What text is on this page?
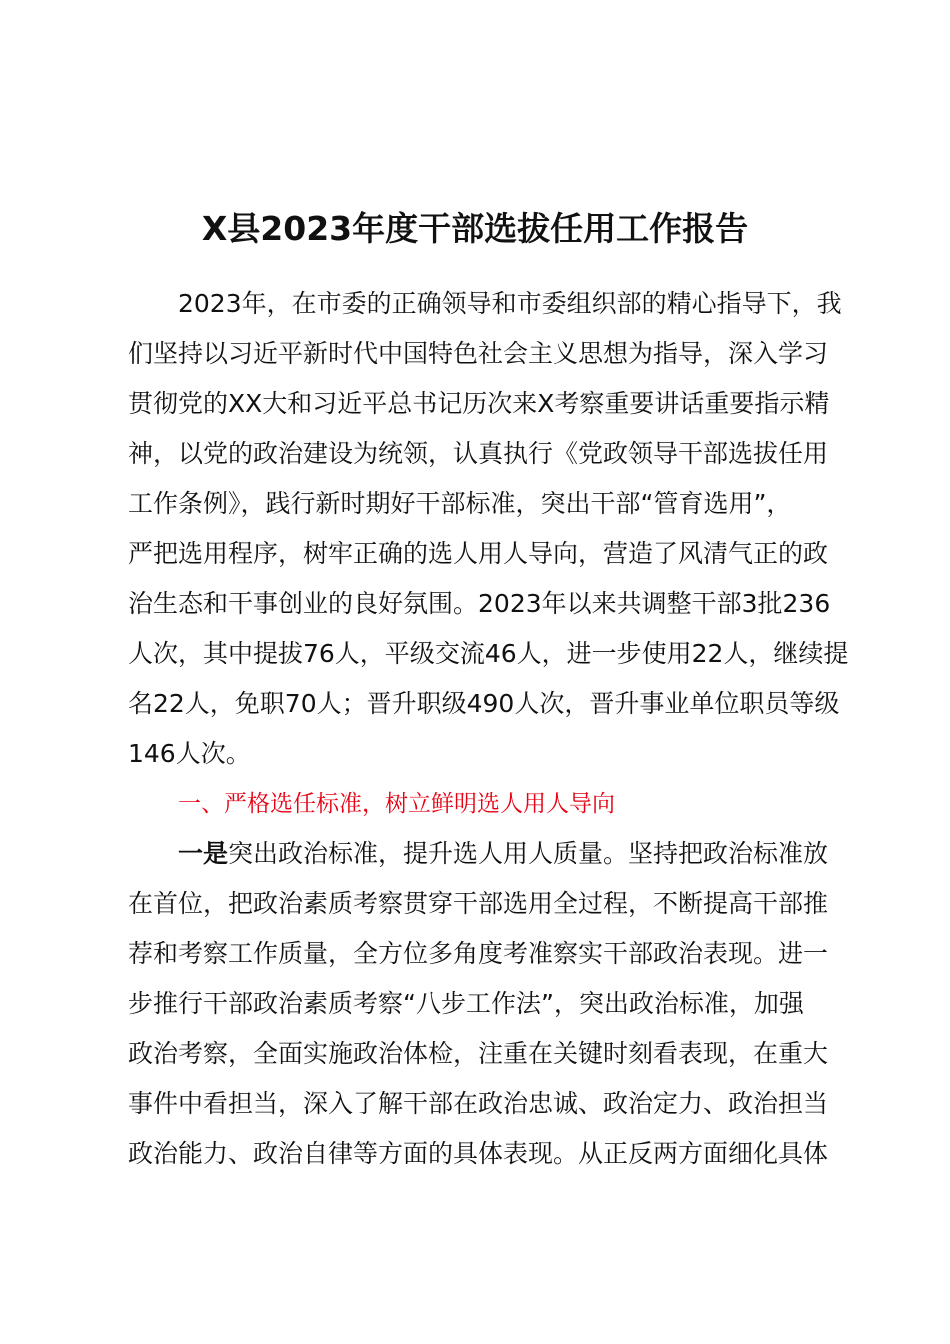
X县2023年度干部选拔任用工作报告
2023年，在市委的正确领导和市委组织部的精心指导下，我
们坚持以习近平新时代中国特色社会主义思想为指导，深入学习
贯彻党的XX大和习近平总书记历次来X考察重要讲话重要指示精
神，以党的政治建设为统领，认真执行《党政领导干部选拔任用
工作条例》，践行新时期好干部标准，突出干部“管育选用”，
严把选用程序，树牢正确的选人用人导向，营造了风清气正的政
治生态和干事创业的良好氛围。2023年以来共调整干部3批236
人次，其中提拔76人，平级交流46人，进一步使用22人，继续提
名22人，免职70人；晋升职级490人次，晋升事业单位职员等级
146人次。
一、严格选任标准，树立鲜明选人用人导向
一是突出政治标准，提升选人用人质量。坚持把政治标准放
在首位，把政治素质考察贯穿干部选用全过程，不断提高干部推
荐和考察工作质量，全方位多角度考准察实干部政治表现。进一
步推行干部政治素质考察“八步工作法”，突出政治标准，加强
政治考察，全面实施政治体检，注重在关键时刻看表现，在重大
事件中看担当，深入了解干部在政治忠诚、政治定力、政治担当
政治能力、政治自律等方面的具体表现。从正反两方面细化具体
